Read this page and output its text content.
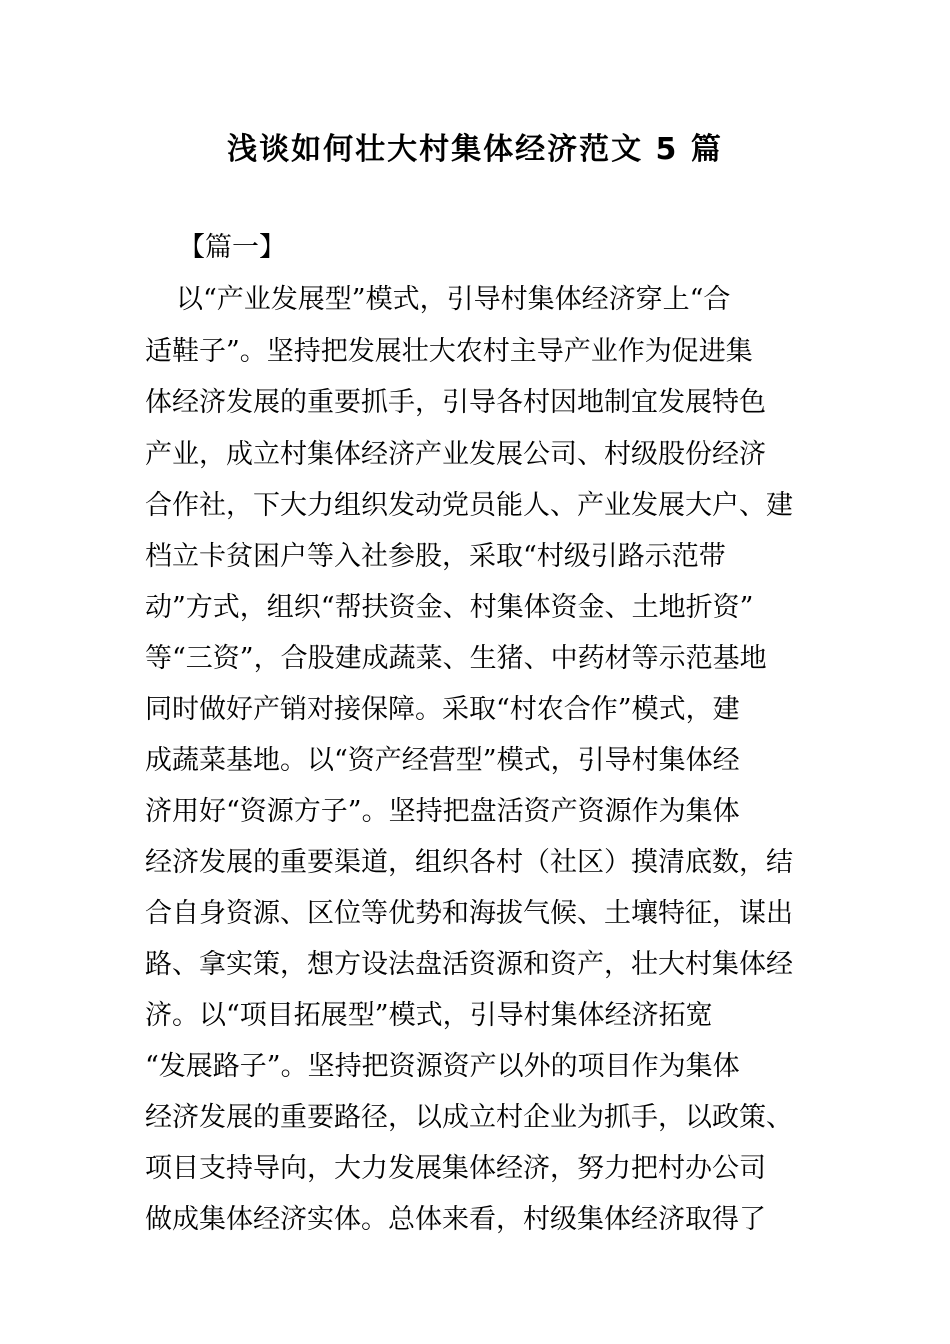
浅谈如何壮大村集体经济范文 5 篇

【篇一】

以“产业发展型”模式，引导村集体经济穿上“合
适鞋子”。坚持把发展壮大农村主导产业作为促进集
体经济发展的重要抓手，引导各村因地制宜发展特色
产业，成立村集体经济产业发展公司、村级股份经济
合作社，下大力组织发动党员能人、产业发展大户、建
档立卡贫困户等入社参股，采取“村级引路示范带
动”方式，组织“帮扶资金、村集体资金、土地折资”
等“三资”，合股建成蔬菜、生猪、中药材等示范基地
同时做好产销对接保障。采取“村农合作”模式，建
成蔬菜基地。以“资产经营型”模式，引导村集体经
济用好“资源方子”。坚持把盘活资产资源作为集体
经济发展的重要渠道，组织各村（社区）摸清底数，结
合自身资源、区位等优势和海拔气候、土壤特征，谋出
路、拿实策，想方设法盘活资源和资产，壮大村集体经
济。以“项目拓展型”模式，引导村集体经济拓宽
“发展路子”。坚持把资源资产以外的项目作为集体
经济发展的重要路径，以成立村企业为抓手，以政策、
项目支持导向，大力发展集体经济，努力把村办公司
做成集体经济实体。总体来看，村级集体经济取得了
